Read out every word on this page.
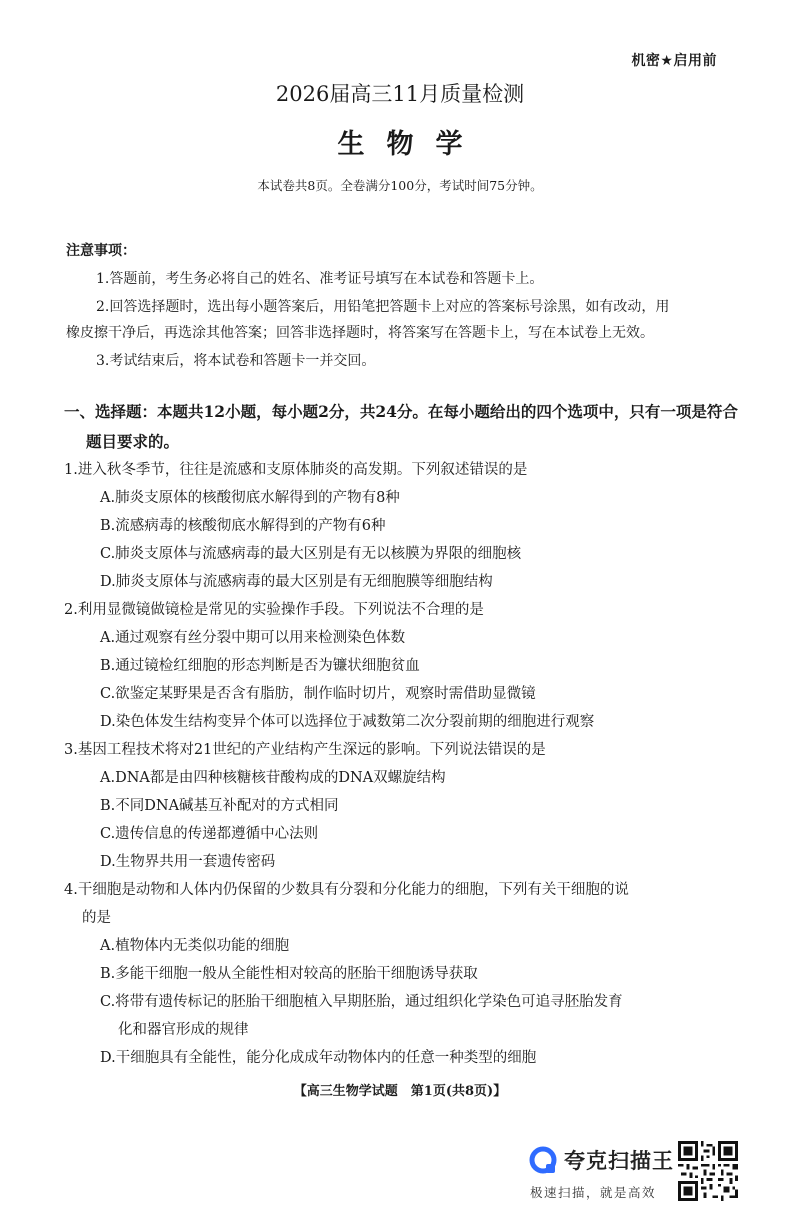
机密★启用前
2026届高三11月质量检测
生物学
本试卷共8页。全卷满分100分，考试时间75分钟。
注意事项：
1.答题前，考生务必将自己的姓名、准考证号填写在本试卷和答题卡上。
2.回答选择题时，选出每小题答案后，用铅笔把答题卡上对应的答案标号涂黑，如有改动，用
橡皮擦干净后，再选涂其他答案；回答非选择题时，将答案写在答题卡上，写在本试卷上无效。
3.考试结束后，将本试卷和答题卡一并交回。
一、选择题：本题共12小题，每小题2分，共24分。在每小题给出的四个选项中，只有一项是符合
题目要求的。
1.进入秋冬季节，往往是流感和支原体肺炎的高发期。下列叙述错误的是
A.肺炎支原体的核酸彻底水解得到的产物有8种
B.流感病毒的核酸彻底水解得到的产物有6种
C.肺炎支原体与流感病毒的最大区别是有无以核膜为界限的细胞核
D.肺炎支原体与流感病毒的最大区别是有无细胞膜等细胞结构
2.利用显微镜做镜检是常见的实验操作手段。下列说法不合理的是
A.通过观察有丝分裂中期可以用来检测染色体数
B.通过镜检红细胞的形态判断是否为镰状细胞贫血
C.欲鉴定某野果是否含有脂肪，制作临时切片，观察时需借助显微镜
D.染色体发生结构变异个体可以选择位于减数第二次分裂前期的细胞进行观察
3.基因工程技术将对21世纪的产业结构产生深远的影响。下列说法错误的是
A.DNA都是由四种核糖核苷酸构成的DNA双螺旋结构
B.不同DNA碱基互补配对的方式相同
C.遗传信息的传递都遵循中心法则
D.生物界共用一套遗传密码
4.干细胞是动物和人体内仍保留的少数具有分裂和分化能力的细胞，下列有关干细胞的说
的是
A.植物体内无类似功能的细胞
B.多能干细胞一般从全能性相对较高的胚胎干细胞诱导获取
C.将带有遗传标记的胚胎干细胞植入早期胚胎，通过组织化学染色可追寻胚胎发育
化和器官形成的规律
D.干细胞具有全能性，能分化成成年动物体内的任意一种类型的细胞
【高三生物学试题　第1页(共8页)】
夸克扫描王
极速扫描，就是高效
